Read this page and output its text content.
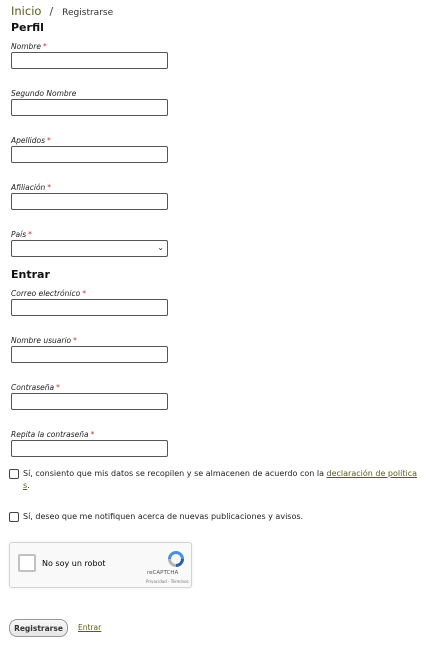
Inicio / Registrarse
Perfil
Nombre *
Segundo Nombre
Apellidos *
Afiliación *
País *
⌄
Entrar
Correo electrónico *
Nombre usuario *
Contraseña *
Repita la contraseña *
Sí, consiento que mis datos se recopilen y se almacenen de acuerdo con la declaración de política s.
Sí, deseo que me notifiquen acerca de nuevas publicaciones y avisos.
No soy un robot
reCAPTCHA
Privacidad - Términos
Registrarse	Entrar
